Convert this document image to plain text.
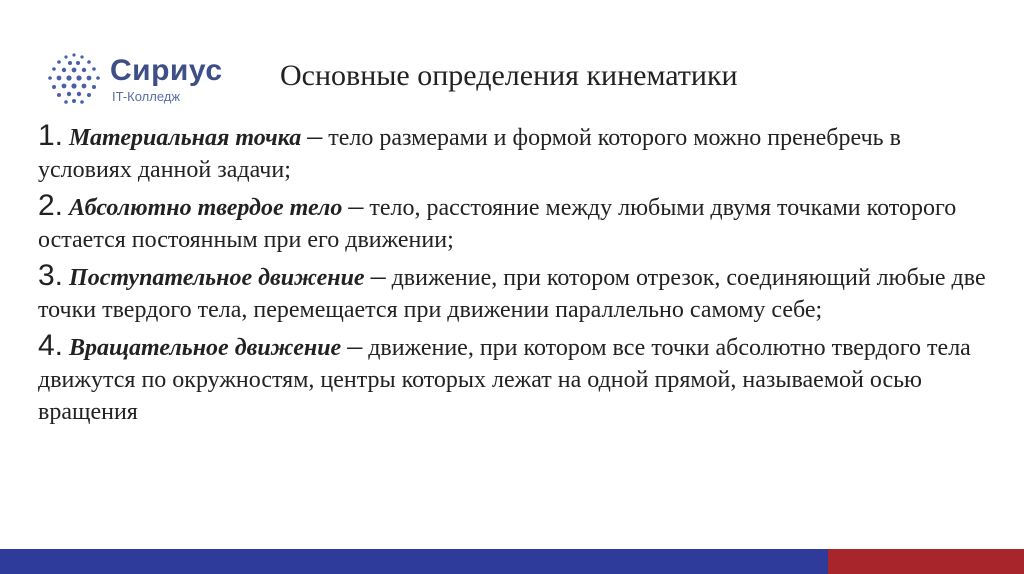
Сириус
IT-Колледж
Основные определения кинематики

1. Материальная точка – тело размерами и формой которого можно пренебречь в условиях данной задачи;

2. Абсолютно твердое тело – тело, расстояние между любыми двумя точками которого остается постоянным при его движении;

3. Поступательное движение – движение, при котором отрезок, соединяющий любые две точки твердого тела, перемещается при движении параллельно самому себе;

4. Вращательное движение – движение, при котором все точки абсолютно твердого тела движутся по окружностям, центры которых лежат на одной прямой, называемой осью вращения
